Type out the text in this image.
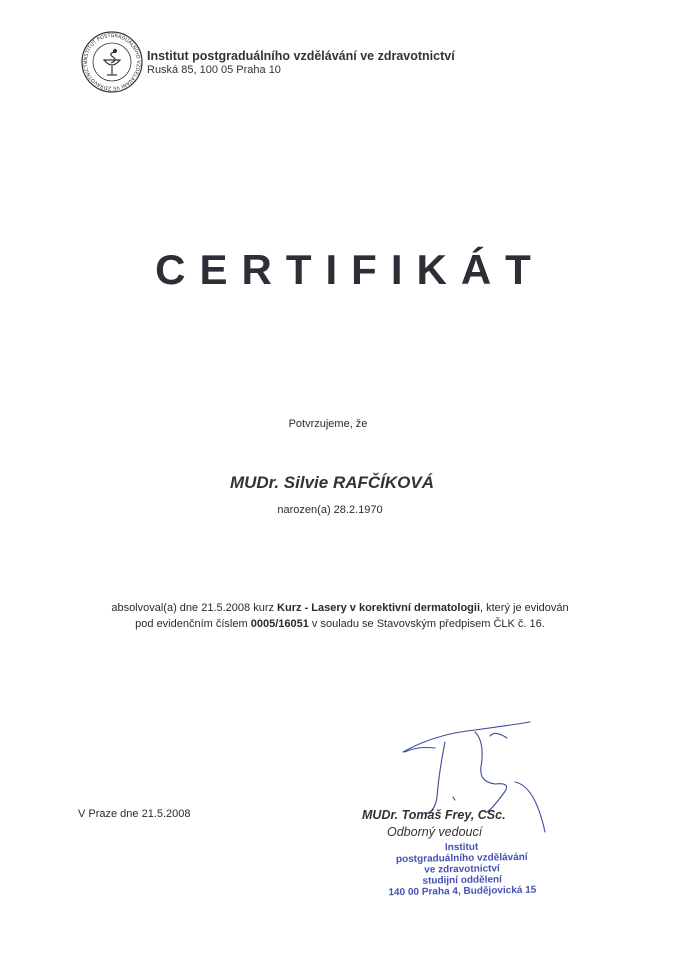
INSTITUT POSTGRADUÁLNÍHO VZDĚLÁVÁNÍ VE ZDRAVOTNICTV	Institut postgraduálního vzdělávání ve zdravotnictví
Ruská 85, 100 05 Praha 10
CERTIFIKÁT
Potvrzujeme, že
MUDr. Silvie RAFČÍKOVÁ
narozen(a) 28.2.1970
absolvoval(a) dne 21.5.2008 kurz Kurz - Lasery v korektivní dermatologii, který je evidován
pod evidenčním číslem 0005/16051 v souladu se Stavovským předpisem ČLK č. 16.
V Praze dne 21.5.2008	MUDr. Tomáš Frey, CSc.
Odborný vedoucí
Institut
postgraduálního vzdělávání
ve zdravotnictví
studijní oddělení
140 00 Praha 4, Budějovická 15
